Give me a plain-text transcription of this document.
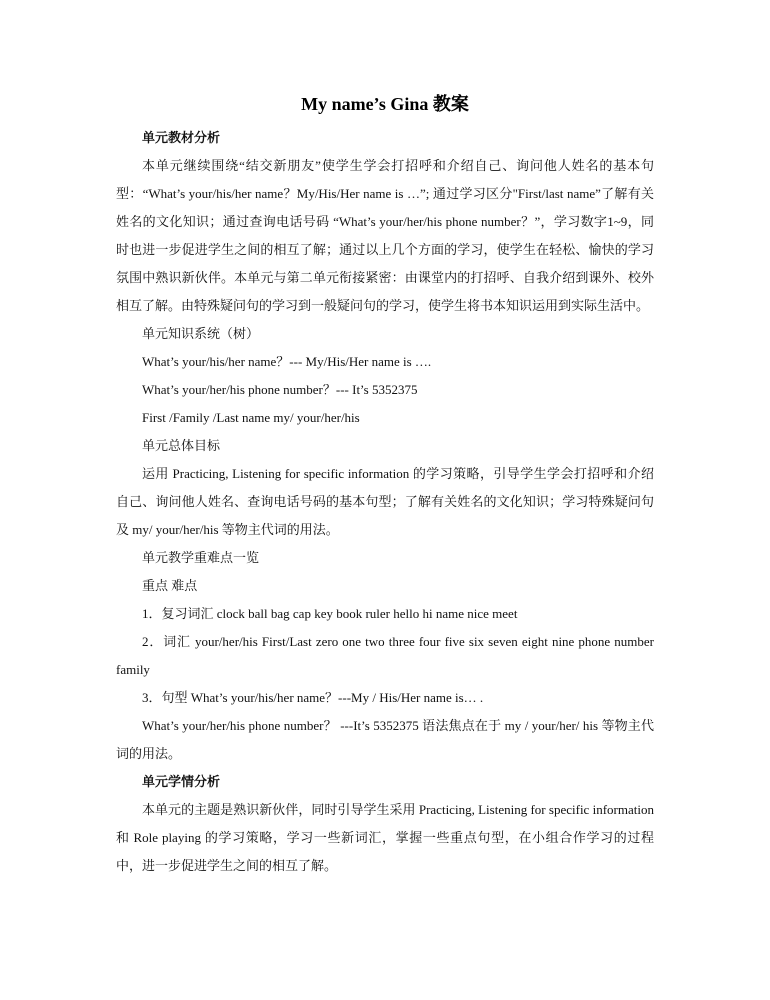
My name’s Gina 教案

单元教材分析

本单元继续围绕“结交新朋友”使学生学会打招呼和介绍自己、询问他人姓名的基本句型：“What’s your/his/her name？My/His/Her name is …”; 通过学习区分"First/last name”了解有关姓名的文化知识；通过查询电话号码 “What’s your/her/his phone number？”，学习数字1~9，同时也进一步促进学生之间的相互了解；通过以上几个方面的学习，使学生在轻松、愉快的学习氛围中熟识新伙伴。本单元与第二单元衔接紧密：由课堂内的打招呼、自我介绍到课外、校外相互了解。由特殊疑问句的学习到一般疑问句的学习，使学生将书本知识运用到实际生活中。

单元知识系统（树）

What’s your/his/her name？--- My/His/Her name is ….

What’s your/her/his phone number？--- It’s 5352375

First /Family /Last name my/ your/her/his

单元总体目标

运用 Practicing, Listening for specific information 的学习策略，引导学生学会打招呼和介绍自己、询问他人姓名、查询电话号码的基本句型；了解有关姓名的文化知识；学习特殊疑问句及 my/ your/her/his 等物主代词的用法。

单元教学重难点一览

重点 难点

1．复习词汇 clock ball bag cap key book ruler hello hi name nice meet

2．词汇 your/her/his First/Last zero one two three four five six seven eight nine phone number family

3．句型 What’s your/his/her name？---My / His/Her name is… .

What’s your/her/his phone number？ ---It’s 5352375 语法焦点在于 my / your/her/ his 等物主代词的用法。

单元学情分析

本单元的主题是熟识新伙伴，同时引导学生采用 Practicing, Listening for specific information 和 Role playing 的学习策略，学习一些新词汇，掌握一些重点句型，在小组合作学习的过程中，进一步促进学生之间的相互了解。
